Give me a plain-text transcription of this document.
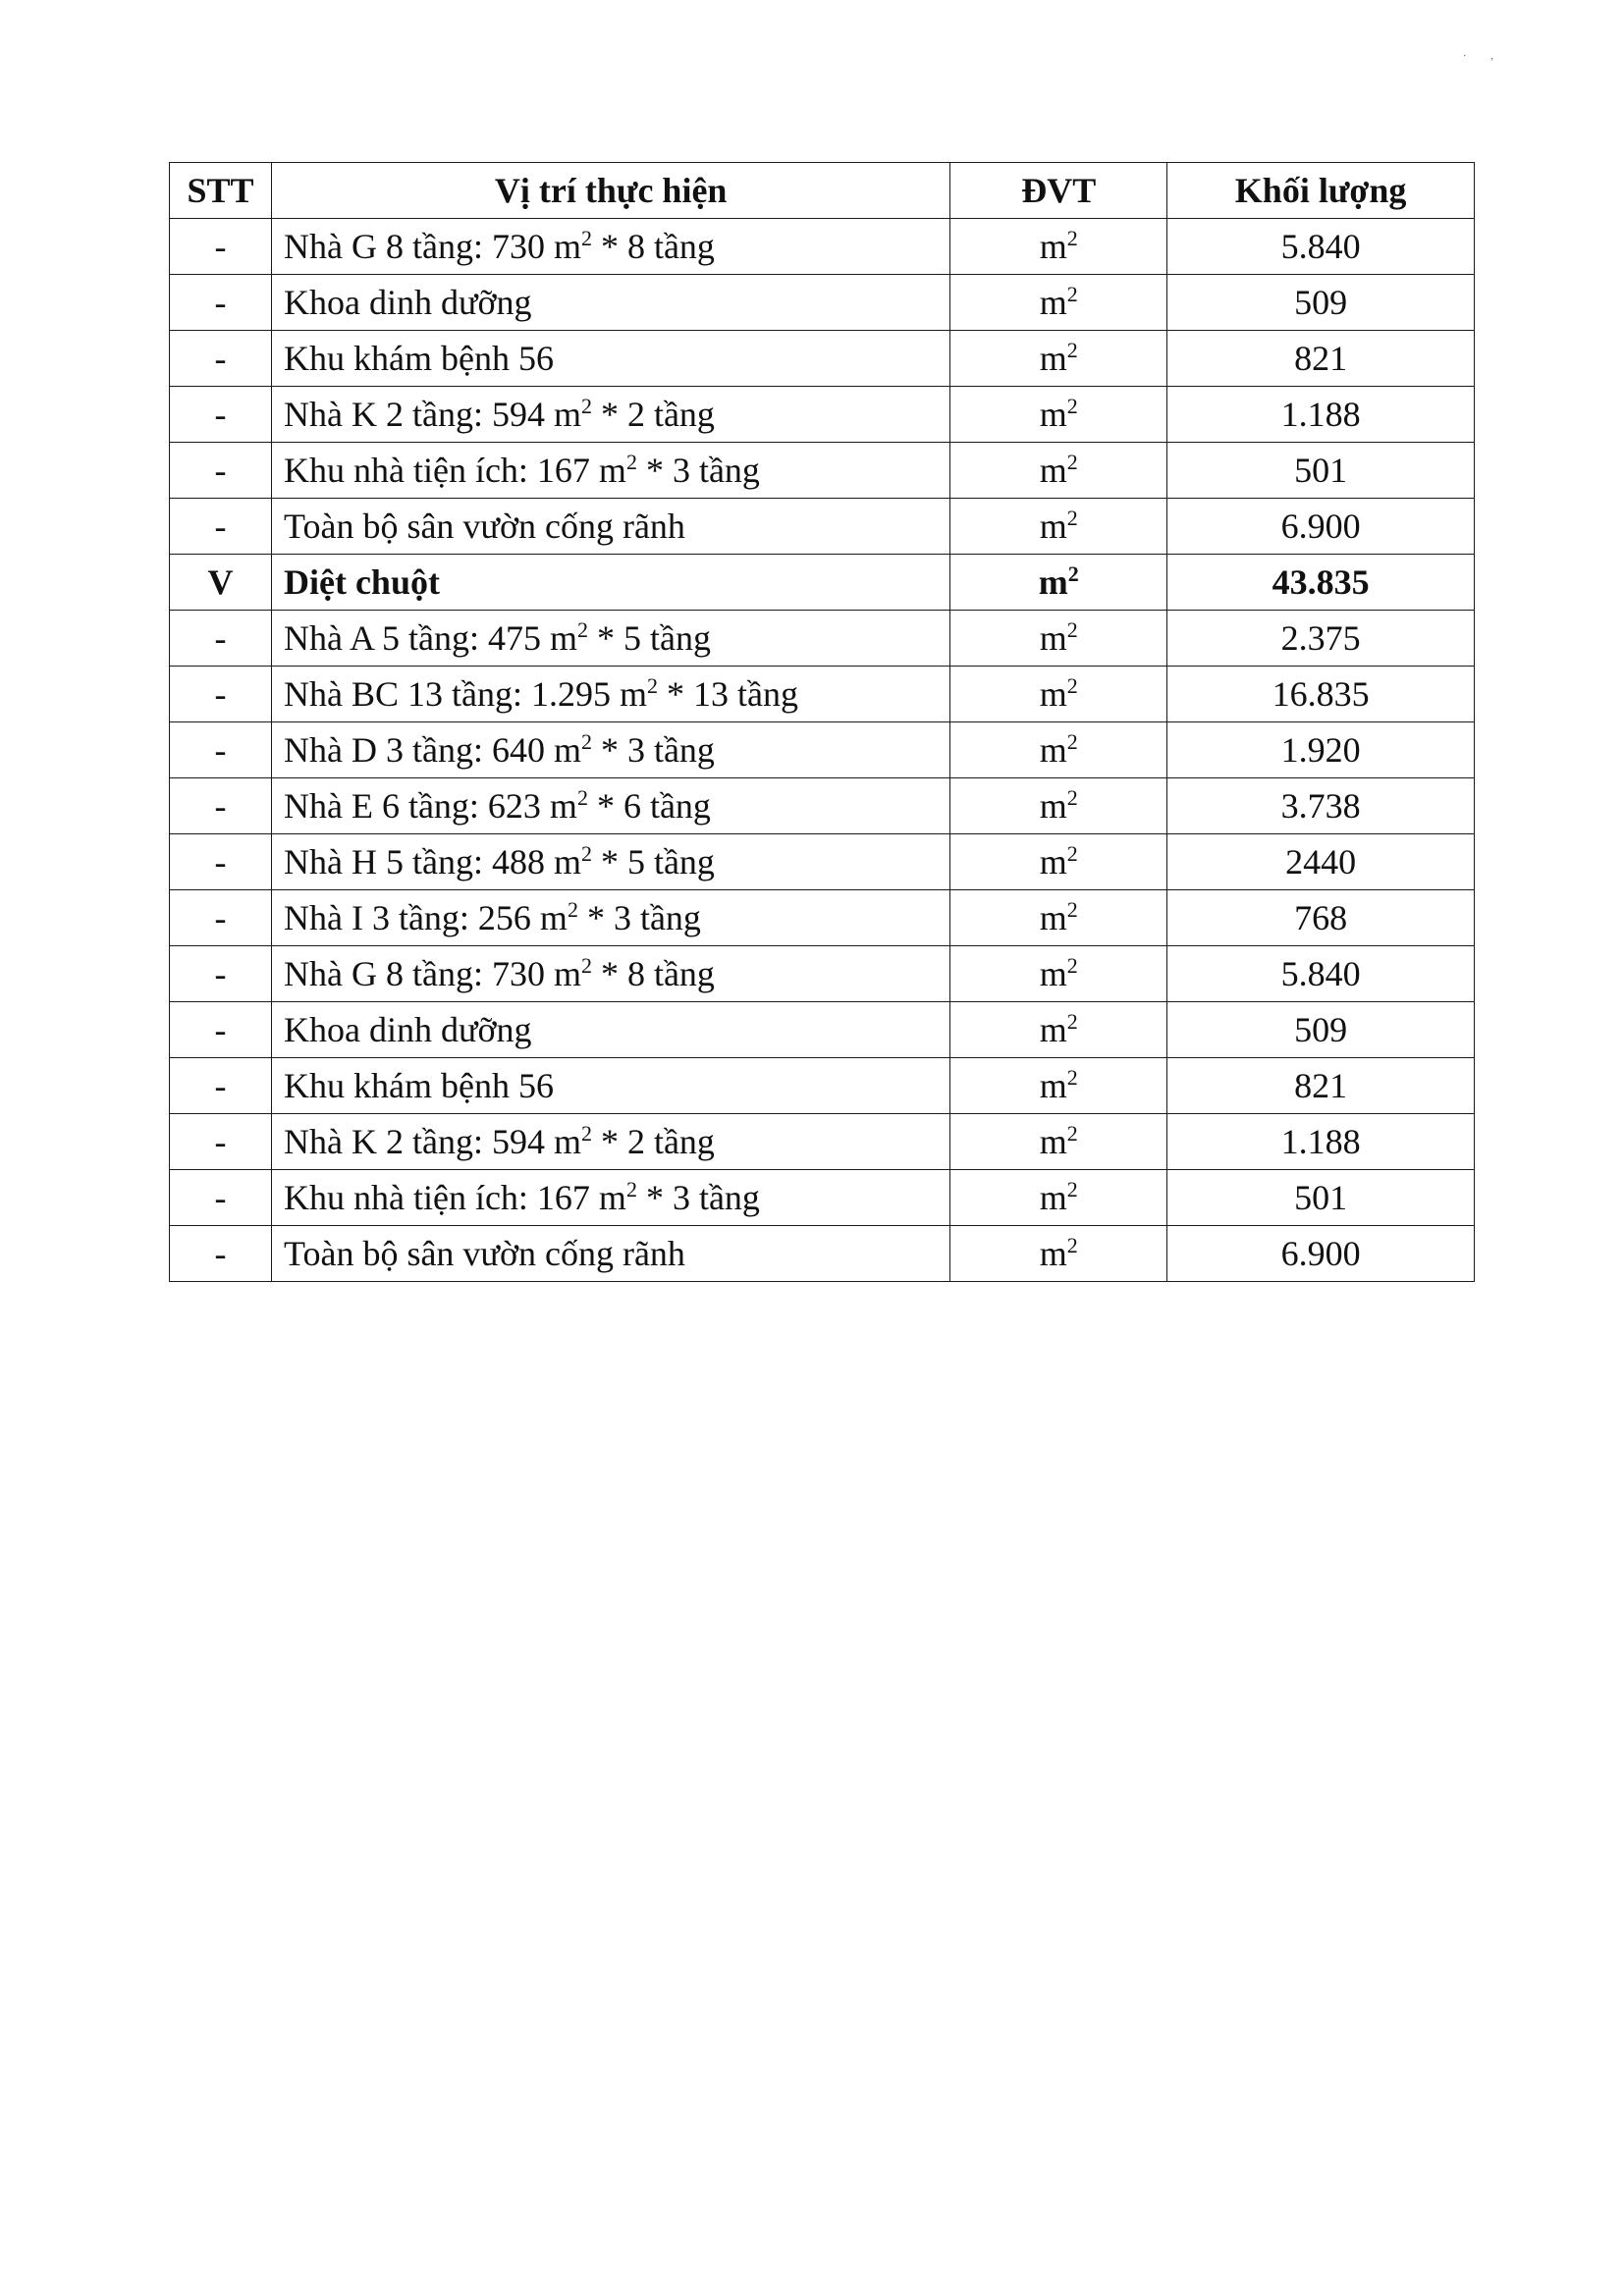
·          ,
STT	Vị trí thực hiện	ĐVT	Khối lượng
-	Nhà G 8 tầng: 730 $m^2 * 8$ tầng	$m^2$	5.840
-	Khoa dinh dưỡng	$m^2$	509
-	Khu khám bệnh 56	$m^2$	821
-	Nhà K 2 tầng: 594 $m^2 * 2$ tầng	$m^2$	1.188
-	Khu nhà tiện ích: 167 $m^2 * 3$ tầng	$m^2$	501
-	Toàn bộ sân vườn cống rãnh	$m^2$	6.900
V	Diệt chuột	$m^2$	43.835
-	Nhà A 5 tầng: 475 $m^2 * 5$ tầng	$m^2$	2.375
-	Nhà BC 13 tầng: 1.295 $m^2 * 13$ tầng	$m^2$	16.835
-	Nhà D 3 tầng: 640 $m^2 * 3$ tầng	$m^2$	1.920
-	Nhà E 6 tầng: 623 $m^2 * 6$ tầng	$m^2$	3.738
-	Nhà H 5 tầng: 488 $m^2 * 5$ tầng	$m^2$	2440
-	Nhà I 3 tầng: 256 $m^2 * 3$ tầng	$m^2$	768
-	Nhà G 8 tầng: 730 $m^2 * 8$ tầng	$m^2$	5.840
-	Khoa dinh dưỡng	$m^2$	509
-	Khu khám bệnh 56	$m^2$	821
-	Nhà K 2 tầng: 594 $m^2 * 2$ tầng	$m^2$	1.188
-	Khu nhà tiện ích: 167 $m^2 * 3$ tầng	$m^2$	501
-	Toàn bộ sân vườn cống rãnh	$m^2$	6.900
